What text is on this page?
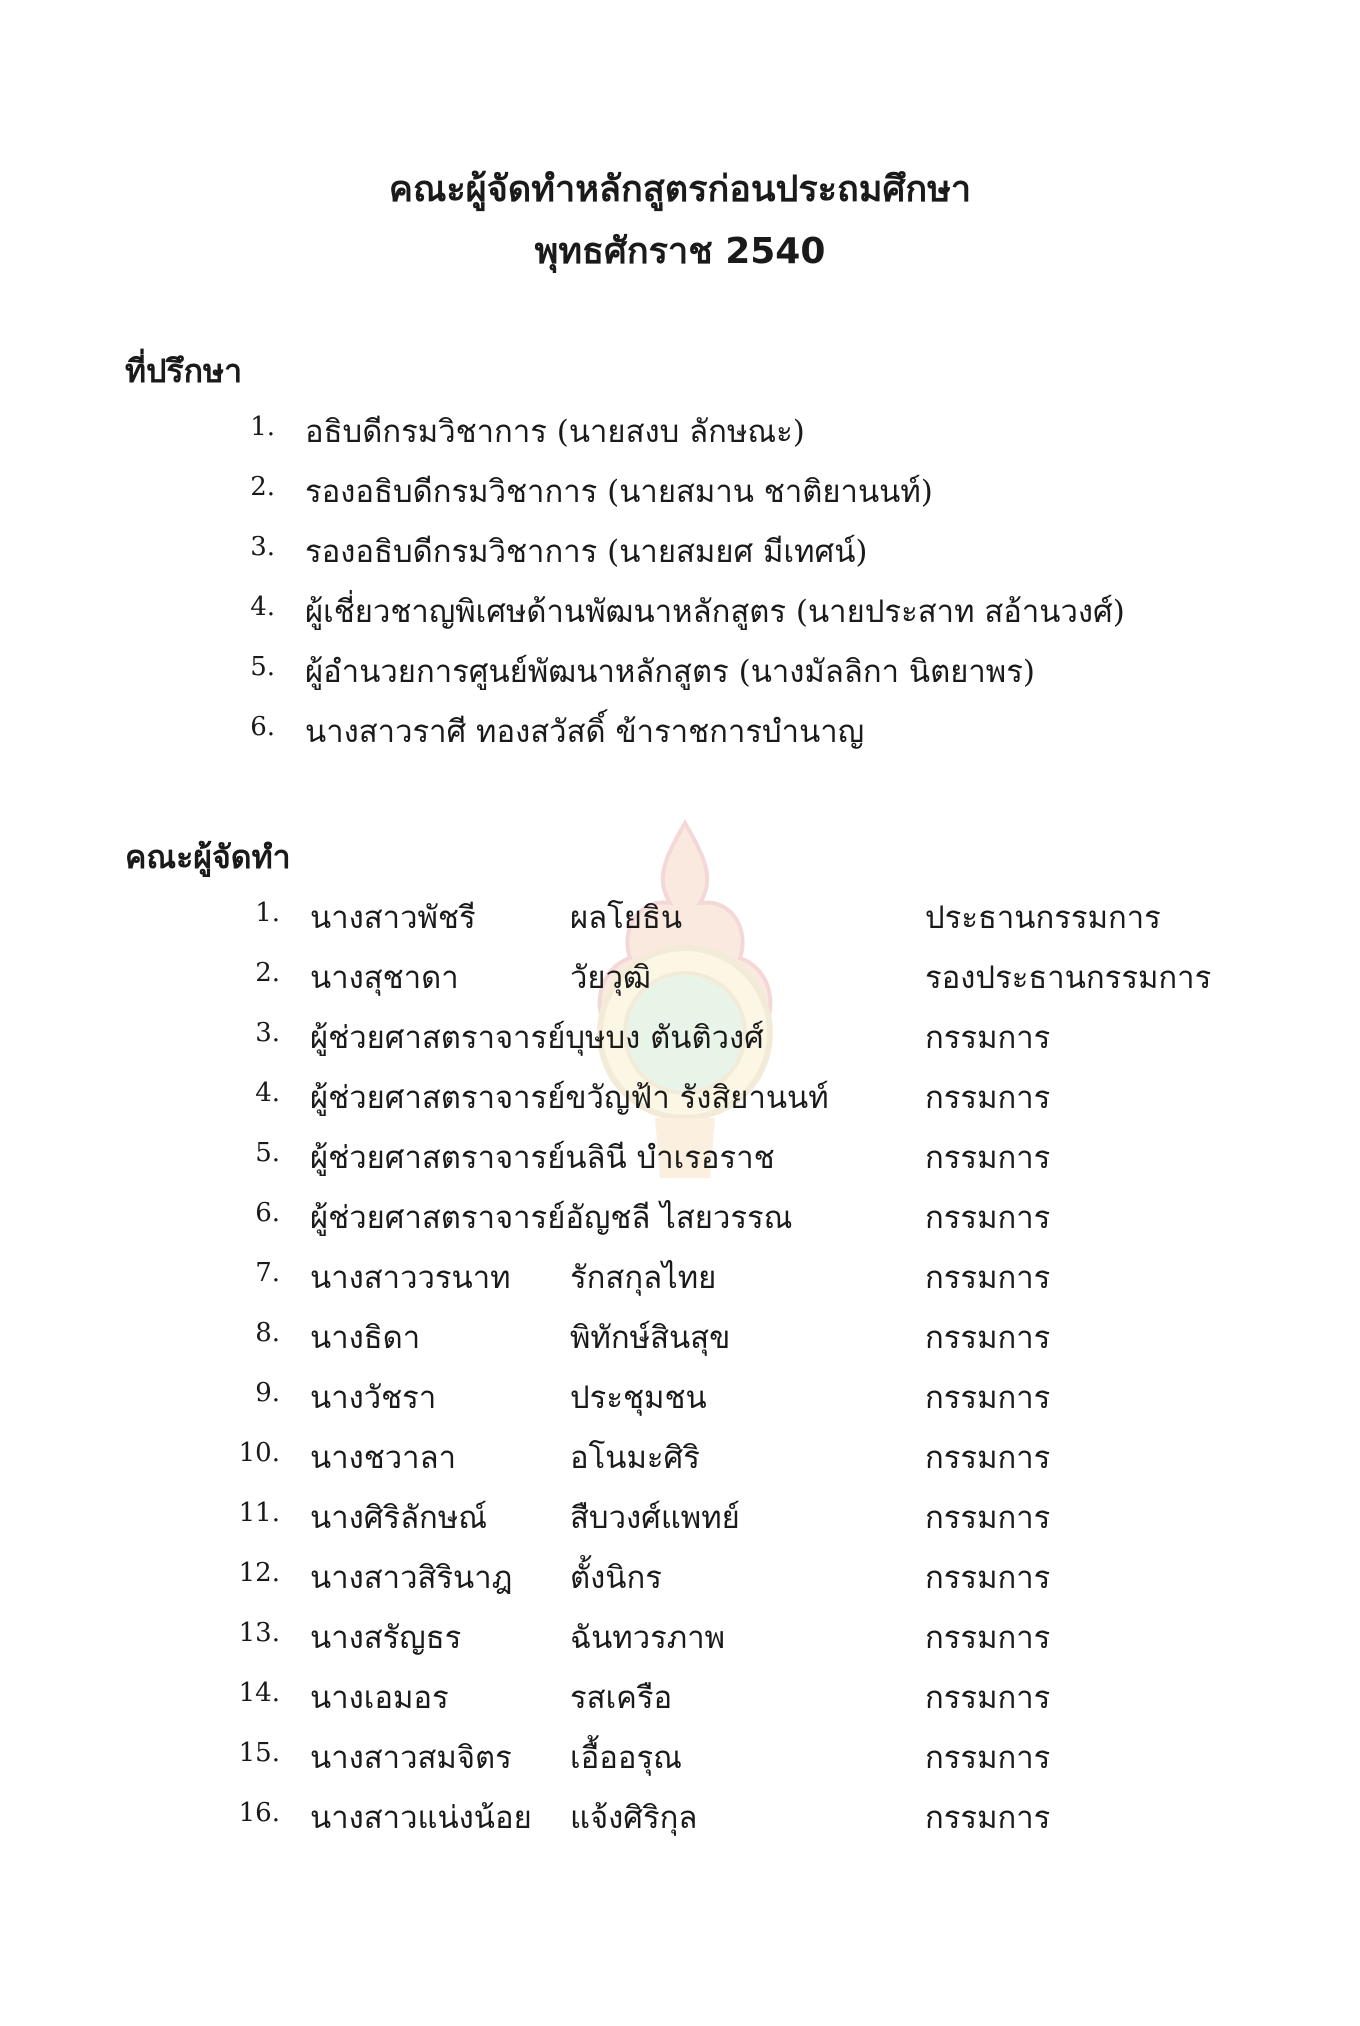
คณะผู้จัดทำหลักสูตรก่อนประถมศึกษา
พุทธศักราช 2540
ที่ปรึกษา
1. อธิบดีกรมวิชาการ (นายสงบ ลักษณะ)
2. รองอธิบดีกรมวิชาการ (นายสมาน ชาติยานนท์)
3. รองอธิบดีกรมวิชาการ (นายสมยศ มีเทศน์)
4. ผู้เชี่ยวชาญพิเศษด้านพัฒนาหลักสูตร (นายประสาท สอ้านวงศ์)
5. ผู้อำนวยการศูนย์พัฒนาหลักสูตร (นางมัลลิกา นิตยาพร)
6. นางสาวราศี ทองสวัสดิ์ ข้าราชการบำนาญ
คณะผู้จัดทำ
1. นางสาวพัชรี	ผลโยธิน	ประธานกรรมการ
2. นางสุชาดา	วัยวุฒิ	รองประธานกรรมการ
3. ผู้ช่วยศาสตราจารย์บุษบง ตันติวงศ์	กรรมการ
4. ผู้ช่วยศาสตราจารย์ขวัญฟ้า รังสิยานนท์	กรรมการ
5. ผู้ช่วยศาสตราจารย์นลินี บำเรอราช	กรรมการ
6. ผู้ช่วยศาสตราจารย์อัญชลี ไสยวรรณ	กรรมการ
7. นางสาววรนาท รักสกุลไทย	กรรมการ
8. นางธิดา	พิทักษ์สินสุข	กรรมการ
9. นางวัชรา	ประชุมชน	กรรมการ
10. นางชวาลา	อโนมะศิริ	กรรมการ
11. นางศิริลักษณ์	สืบวงศ์แพทย์	กรรมการ
12. นางสาวสิรินาฎ ตั้งนิกร	กรรมการ
13. นางสรัญธร	ฉันทวรภาพ	กรรมการ
14. นางเอมอร	รสเครือ	กรรมการ
15. นางสาวสมจิตร เอื้ออรุณ	กรรมการ
16. นางสาวแน่งน้อย แจ้งศิริกุล	กรรมการ
